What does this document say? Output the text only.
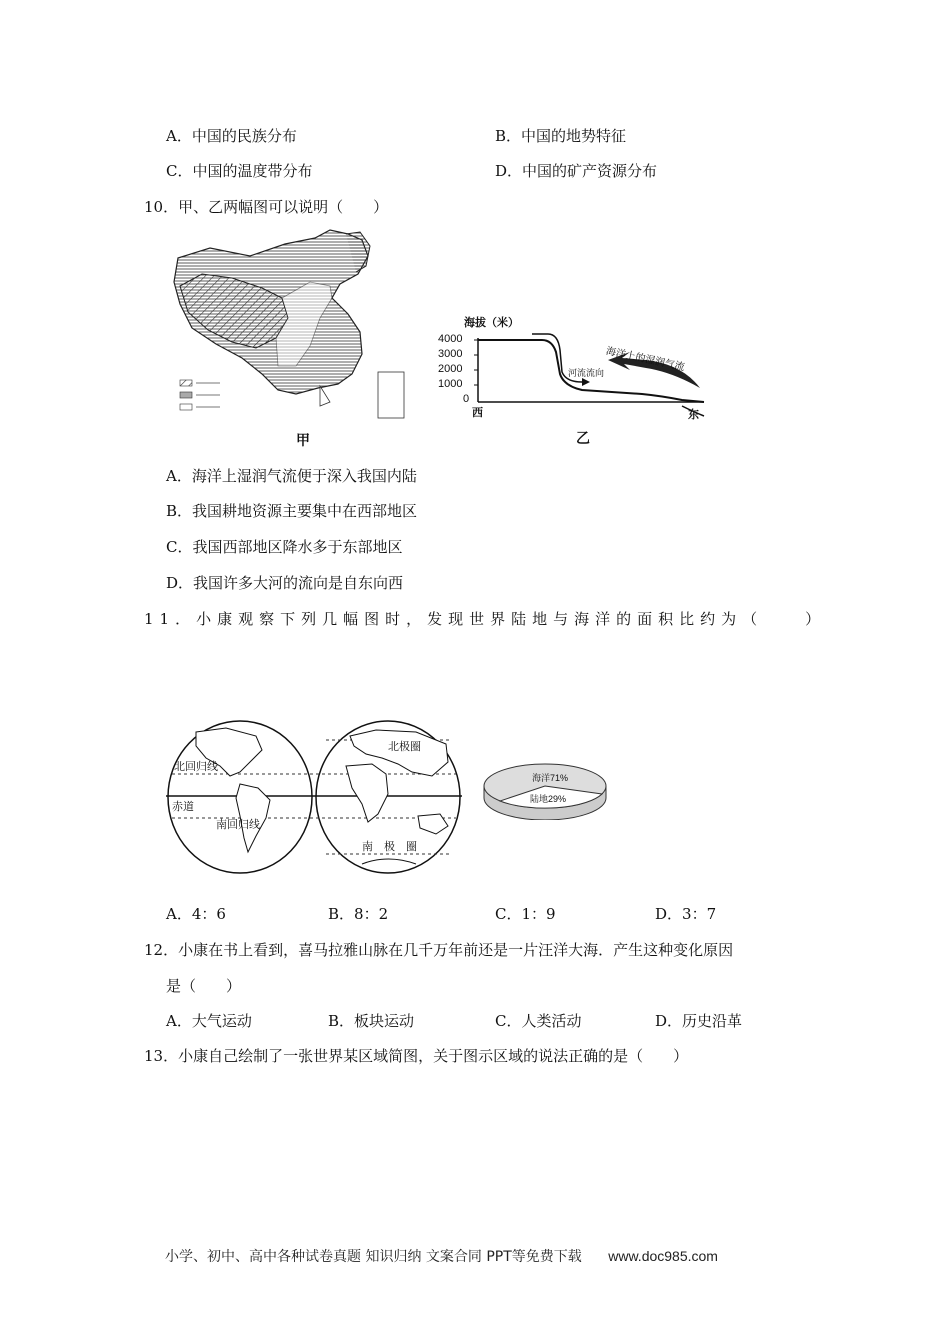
A．中国的民族分布	B．中国的地势特征
C．中国的温度带分布	D．中国的矿产资源分布
10．甲、乙两幅图可以说明（　　）
甲
海拔（米）
4000
3000
2000
1000
0
西	东
河流流向
海洋上的湿润气流
乙
A．海洋上湿润气流便于深入我国内陆
B．我国耕地资源主要集中在西部地区
C．我国西部地区降水多于东部地区
D．我国许多大河的流向是自东向西
11．小康观察下列几幅图时，发现世界陆地与海洋的面积比约为（　　）
北回归线
赤道
南回归线
北极圈
南　极　圈
海洋71%
陆地29%
A．4：6	B．8：2	C．1：9	D．3：7
12．小康在书上看到，喜马拉雅山脉在几千万年前还是一片汪洋大海．产生这种变化原因
是（　　）
A．大气运动	B．板块运动	C．人类活动	D．历史沿革
13．小康自己绘制了一张世界某区域简图，关于图示区域的说法正确的是（　　）
小学、初中、高中各种试卷真题 知识归纳 文案合同 PPT等免费下载 www.doc985.com
